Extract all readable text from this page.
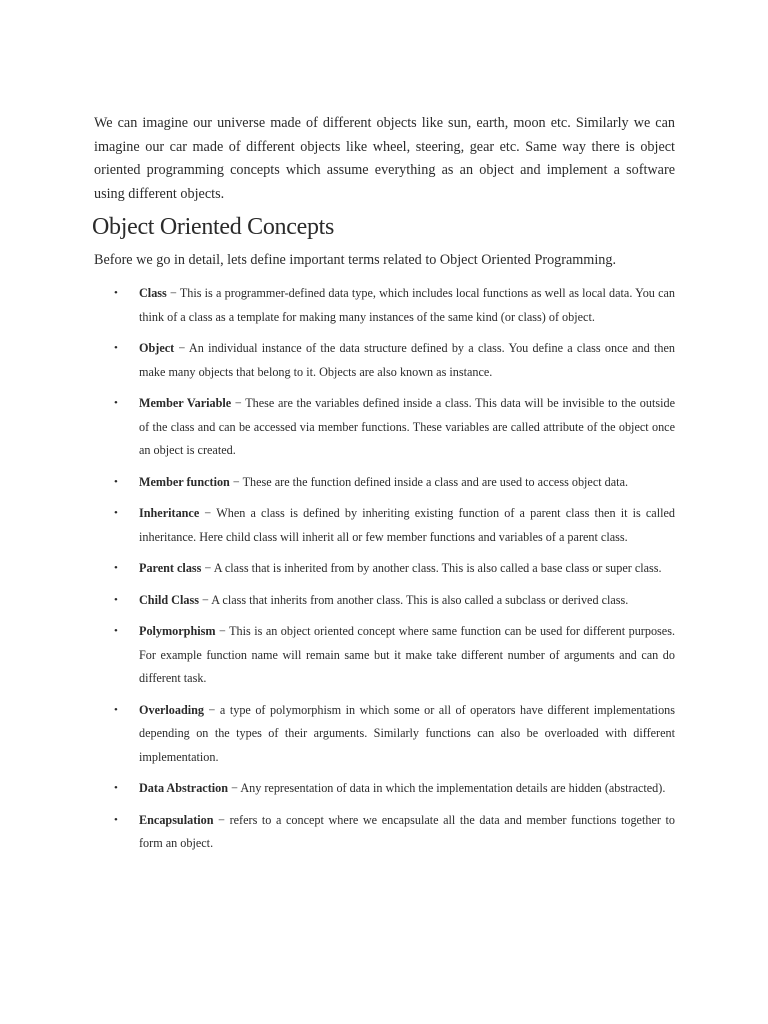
We can imagine our universe made of different objects like sun, earth, moon etc. Similarly we can imagine our car made of different objects like wheel, steering, gear etc. Same way there is object oriented programming concepts which assume everything as an object and implement a software using different objects.

Object Oriented Concepts

Before we go in detail, lets define important terms related to Object Oriented Programming.

• Class − This is a programmer-defined data type, which includes local functions as well as local data. You can think of a class as a template for making many instances of the same kind (or class) of object.
• Object − An individual instance of the data structure defined by a class. You define a class once and then make many objects that belong to it. Objects are also known as instance.
• Member Variable − These are the variables defined inside a class. This data will be invisible to the outside of the class and can be accessed via member functions. These variables are called attribute of the object once an object is created.
• Member function − These are the function defined inside a class and are used to access object data.
• Inheritance − When a class is defined by inheriting existing function of a parent class then it is called inheritance. Here child class will inherit all or few member functions and variables of a parent class.
• Parent class − A class that is inherited from by another class. This is also called a base class or super class.
• Child Class − A class that inherits from another class. This is also called a subclass or derived class.
• Polymorphism − This is an object oriented concept where same function can be used for different purposes. For example function name will remain same but it make take different number of arguments and can do different task.
• Overloading − a type of polymorphism in which some or all of operators have different implementations depending on the types of their arguments. Similarly functions can also be overloaded with different implementation.
• Data Abstraction − Any representation of data in which the implementation details are hidden (abstracted).
• Encapsulation − refers to a concept where we encapsulate all the data and member functions together to form an object.
